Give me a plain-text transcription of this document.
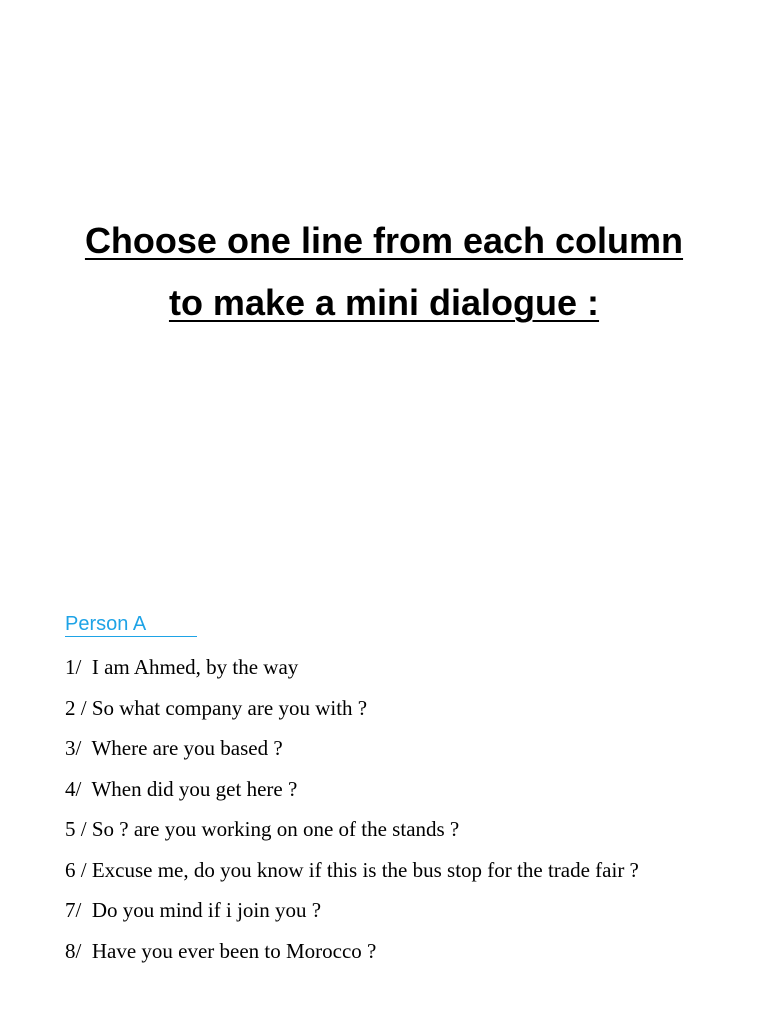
Choose one line from each column
to make a mini dialogue :

Person A

1/  I am Ahmed, by the way
2 / So what company are you with ?
3/  Where are you based ?
4/  When did you get here ?
5 / So ? are you working on one of the stands ?
6 / Excuse me, do you know if this is the bus stop for the trade fair ?
7/  Do you mind if i join you ?
8/  Have you ever been to Morocco ?
